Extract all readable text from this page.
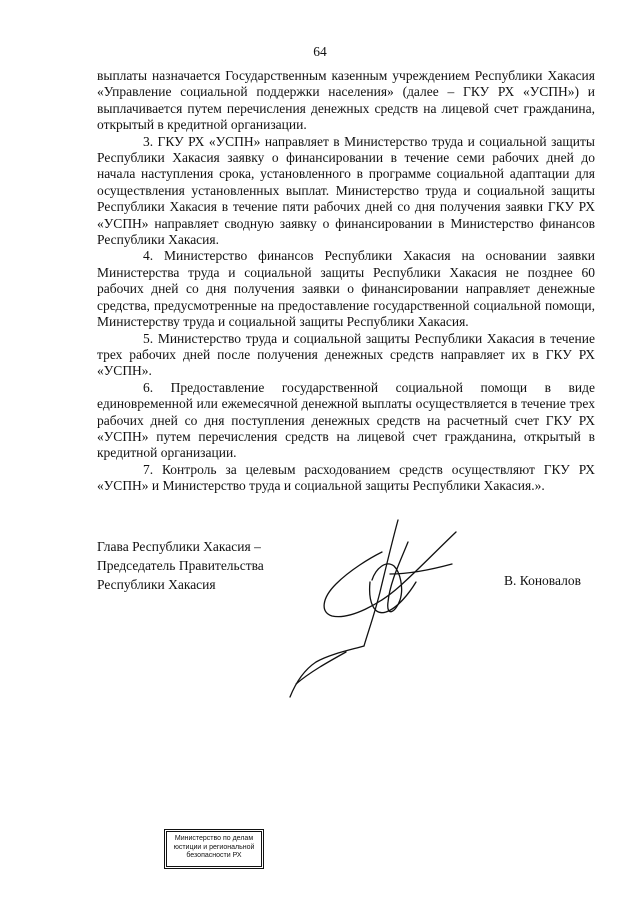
64

выплаты назначается Государственным казенным учреждением Республики Хакасия «Управление социальной поддержки населения» (далее – ГКУ РХ «УСПН») и выплачивается путем перечисления денежных средств на лицевой счет гражданина, открытый в кредитной организации.

3. ГКУ РХ «УСПН» направляет в Министерство труда и социальной защиты Республики Хакасия заявку о финансировании в течение семи рабочих дней до начала наступления срока, установленного в программе социальной адаптации для осуществления установленных выплат. Министерство труда и социальной защиты Республики Хакасия в течение пяти рабочих дней со дня получения заявки ГКУ РХ «УСПН» направляет сводную заявку о финансировании в Министерство финансов Республики Хакасия.

4. Министерство финансов Республики Хакасия на основании заявки Министерства труда и социальной защиты Республики Хакасия не позднее 60 рабочих дней со дня получения заявки о финансировании направляет денежные средства, предусмотренные на предоставление государственной социальной помощи, Министерству труда и социальной защиты Республики Хакасия.

5. Министерство труда и социальной защиты Республики Хакасия в течение трех рабочих дней после получения денежных средств направляет их в ГКУ РХ «УСПН».

6. Предоставление государственной социальной помощи в виде единовременной или ежемесячной денежной выплаты осуществляется в течение трех рабочих дней со дня поступления денежных средств на расчетный счет ГКУ РХ «УСПН» путем перечисления средств на лицевой счет гражданина, открытый в кредитной организации.

7. Контроль за целевым расходованием средств осуществляют ГКУ РХ «УСПН» и Министерство труда и социальной защиты Республики Хакасия.».

Глава Республики Хакасия –
Председатель Правительства
Республики Хакасия	В. Коновалов
Министерство по делам
юстиции и региональной
безопасности РХ
